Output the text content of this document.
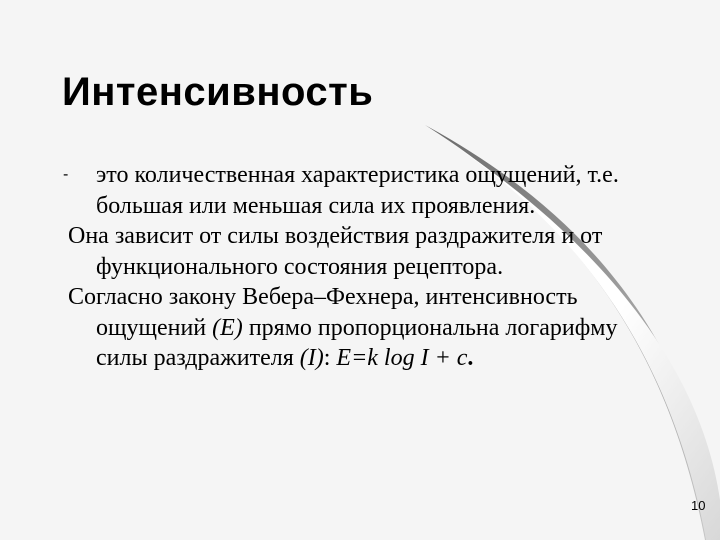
Интенсивность

- это количественная характеристика ощущений, т.е. большая или меньшая сила их проявления.

Она зависит от силы воздействия раздражителя и от функционального состояния рецептора.

Согласно закону Вебера–Фехнера, интенсивность ощущений (Е) прямо пропорциональна логарифму силы раздражителя (I): E=k log I + c.

10
